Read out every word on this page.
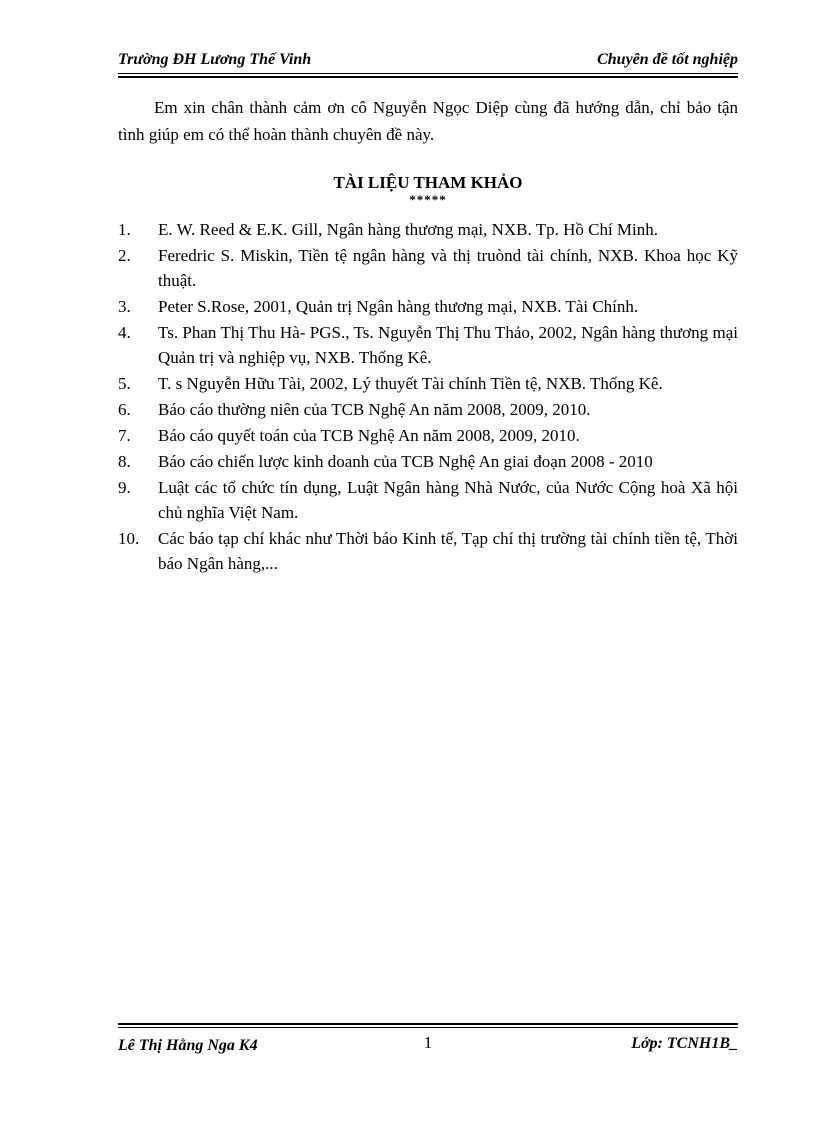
Trường ĐH Lương Thế Vinh	Chuyên đề tốt nghiệp

Em xin chân thành cảm ơn cô Nguyễn Ngọc Diệp cùng đã hướng dẫn, chỉ bảo tận tình giúp em có thể hoàn thành chuyên đề này.

TÀI LIỆU THAM KHẢO
*****
1. E. W. Reed & E.K. Gill, Ngân hàng thương mại, NXB. Tp. Hồ Chí Minh.
2. Feredric S. Miskin, Tiền tệ ngân hàng và thị truònd tài chính, NXB. Khoa học Kỹ thuật.
3. Peter S.Rose, 2001, Quản trị Ngân hàng thương mại, NXB. Tài Chính.
4. Ts. Phan Thị Thu Hà- PGS., Ts. Nguyễn Thị Thu Thảo, 2002, Ngân hàng thương mại Quản trị và nghiệp vụ, NXB. Thống Kê.
5. T. s Nguyễn Hữu Tài, 2002, Lý thuyết Tài chính Tiền tệ, NXB. Thống Kê.
6. Báo cáo thường niên của TCB Nghệ An năm 2008, 2009, 2010.
7. Báo cáo quyết toán của TCB Nghệ An năm 2008, 2009, 2010.
8. Báo cáo chiến lược kinh doanh của TCB Nghệ An giai đoạn 2008 - 2010
9. Luật các tổ chức tín dụng, Luật Ngân hàng Nhà Nước, của Nước Cộng hoà Xã hội chủ nghĩa Việt Nam.
10. Các báo tạp chí khác như Thời báo Kinh tế, Tạp chí thị trường tài chính tiền tệ, Thời báo Ngân hàng,...
Lê Thị Hằng Nga K4	1	Lớp: TCNH1B_
